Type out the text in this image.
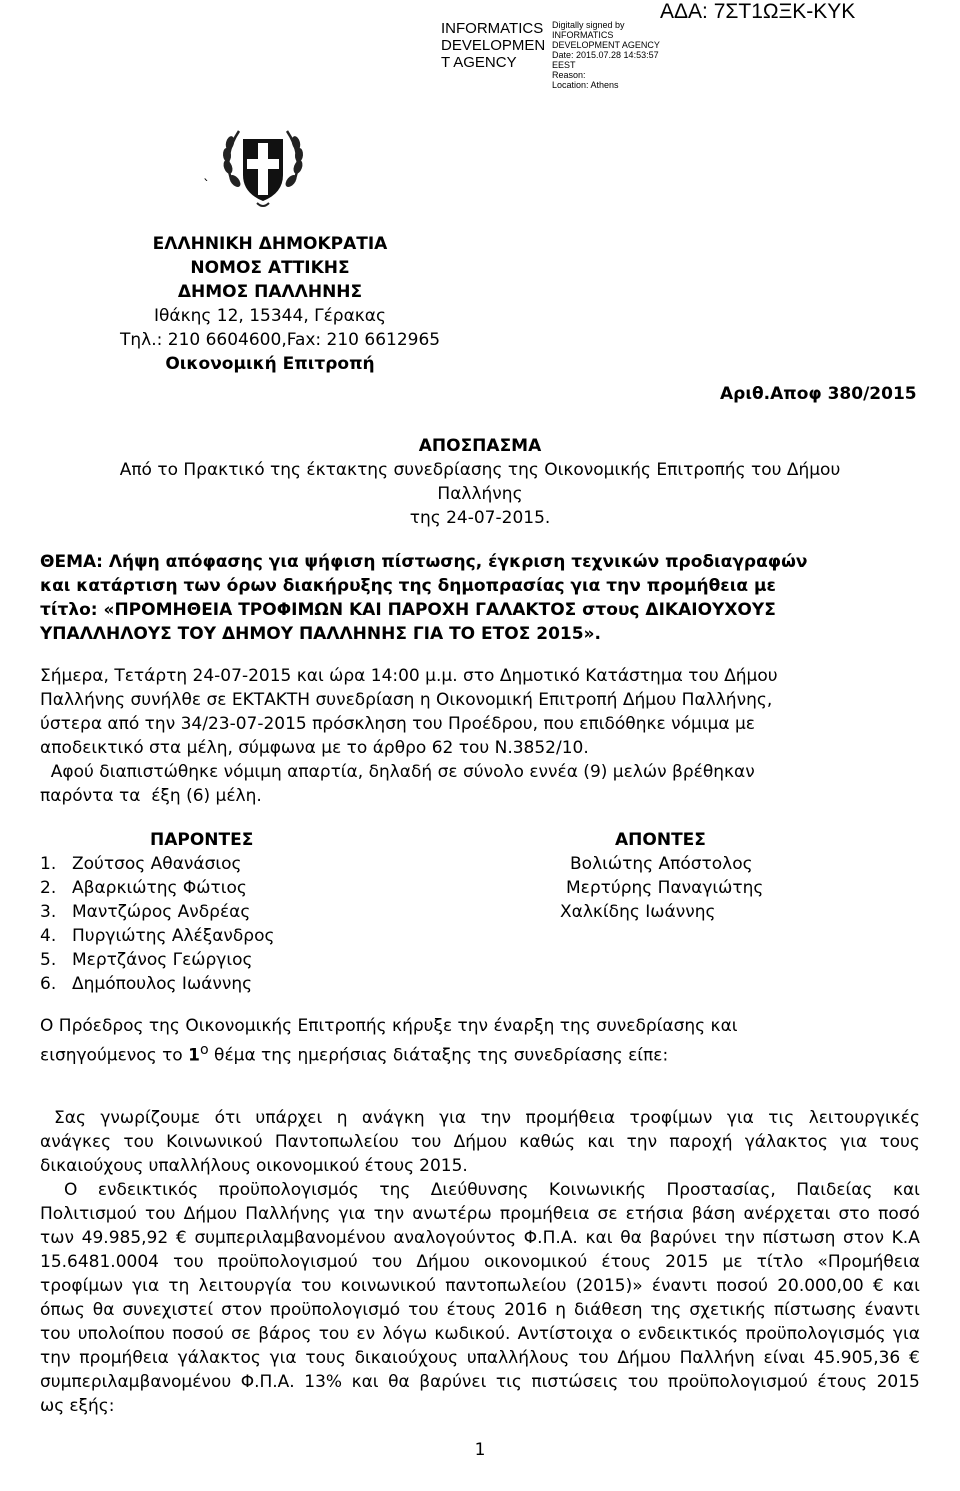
INFORMATICS
DEVELOPMEN
T AGENCY
Digitally signed by
INFORMATICS
DEVELOPMENT AGENCY
Date: 2015.07.28 14:53:57
EEST
Reason:
Location: Athens
ΑΔΑ: 7ΣΤ1ΩΞΚ-ΚΥΚ
`
ΕΛΛΗΝΙΚΗ ΔΗΜΟΚΡΑΤΙΑ
ΝΟΜΟΣ ΑΤΤΙΚΗΣ
ΔΗΜΟΣ ΠΑΛΛΗΝΗΣ
Ιθάκης 12, 15344, Γέρακας
Τηλ.: 210 6604600,Fax: 210 6612965
Οικονομική Επιτροπή
Αριθ.Αποφ 380/2015
ΑΠΟΣΠΑΣΜΑ
Από το Πρακτικό της έκτακτης συνεδρίασης της Οικονομικής Επιτροπής του Δήμου
Παλλήνης
της 24-07-2015.
ΘΕΜΑ: Λήψη απόφασης για ψήφιση πίστωσης, έγκριση τεχνικών προδιαγραφών
και κατάρτιση των όρων διακήρυξης της δημοπρασίας για την προμήθεια με
τίτλο: «ΠΡΟΜΗΘΕΙΑ ΤΡΟΦΙΜΩΝ ΚΑΙ ΠΑΡΟΧΗ ΓΑΛΑΚΤΟΣ στους ΔΙΚΑΙΟΥΧΟΥΣ
ΥΠΑΛΛΗΛΟΥΣ ΤΟΥ ΔΗΜΟΥ ΠΑΛΛΗΝΗΣ ΓΙΑ ΤΟ ΕΤΟΣ 2015».
Σήμερα, Τετάρτη 24-07-2015 και ώρα 14:00 μ.μ. στο Δημοτικό Κατάστημα του Δήμου
Παλλήνης συνήλθε σε ΕΚΤΑΚΤΗ συνεδρίαση η Οικονομική Επιτροπή Δήμου Παλλήνης,
ύστερα από την 34/23-07-2015 πρόσκληση του Προέδρου, που επιδόθηκε νόμιμα με
αποδεικτικό στα μέλη, σύμφωνα με το άρθρο 62 του Ν.3852/10.
Αφού διαπιστώθηκε νόμιμη απαρτία, δηλαδή σε σύνολο εννέα (9) μελών βρέθηκαν
παρόντα τα  έξη (6) μέλη.
ΠΑΡΟΝΤΕΣ
1. Ζούτσος Αθανάσιος
2. Αβαρκιώτης Φώτιος
3. Μαντζώρος Ανδρέας
4. Πυργιώτης Αλέξανδρος
5. Μερτζάνος Γεώργιος
6. Δημόπουλος Ιωάννης
ΑΠΟΝΤΕΣ
Βολιώτης Απόστολος
Μερτύρης Παναγιώτης
Χαλκίδης Ιωάννης
Ο Πρόεδρος της Οικονομικής Επιτροπής κήρυξε την έναρξη της συνεδρίασης και
εισηγούμενος το $1^o$ θέμα της ημερήσιας διάταξης της συνεδρίασης είπε:
Σας γνωρίζουμε ότι υπάρχει η ανάγκη για την προμήθεια τροφίμων για τις λειτουργικές
ανάγκες του Κοινωνικού Παντοπωλείου του Δήμου καθώς και την παροχή γάλακτος για τους
δικαιούχους υπαλλήλους οικονομικού έτους 2015.
Ο ενδεικτικός προϋπολογισμός της Διεύθυνσης Κοινωνικής Προστασίας, Παιδείας και
Πολιτισμού του Δήμου Παλλήνης για την ανωτέρω προμήθεια σε ετήσια βάση ανέρχεται στο ποσό
των 49.985,92 € συμπεριλαμβανομένου αναλογούντος Φ.Π.Α. και θα βαρύνει την πίστωση στον Κ.Α
15.6481.0004 του προϋπολογισμού του Δήμου οικονομικού έτους 2015 με τίτλο «Προμήθεια
τροφίμων για τη λειτουργία του κοινωνικού παντοπωλείου (2015)» έναντι ποσού 20.000,00 € και
όπως θα συνεχιστεί στον προϋπολογισμό του έτους 2016 η διάθεση της σχετικής πίστωσης έναντι
του υπολοίπου ποσού σε βάρος του εν λόγω κωδικού. Αντίστοιχα ο ενδεικτικός προϋπολογισμός για
την προμήθεια γάλακτος για τους δικαιούχους υπαλλήλους του Δήμου Παλλήνη είναι 45.905,36 €
συμπεριλαμβανομένου Φ.Π.Α. 13% και θα βαρύνει τις πιστώσεις του προϋπολογισμού έτους 2015
ως εξής:
1
